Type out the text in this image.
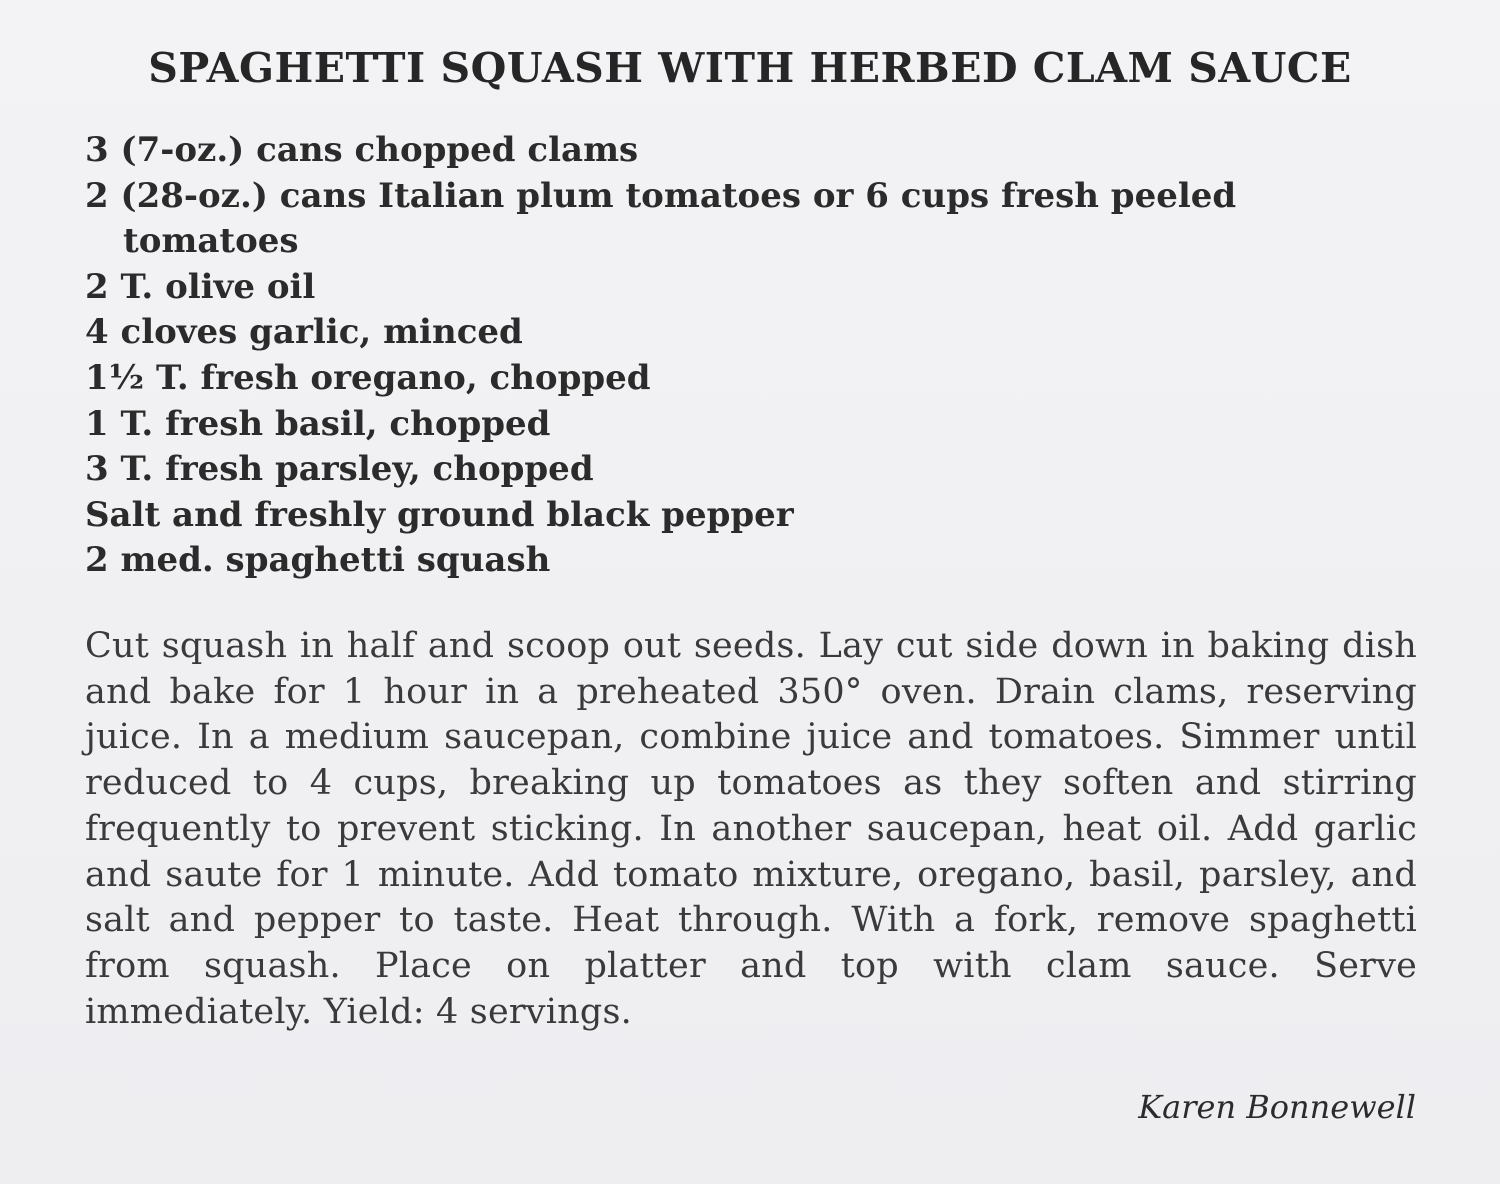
SPAGHETTI SQUASH WITH HERBED CLAM SAUCE
3 (7-oz.) cans chopped clams
2 (28-oz.) cans Italian plum tomatoes or 6 cups fresh peeled tomatoes
2 T. olive oil
4 cloves garlic, minced
1½ T. fresh oregano, chopped
1 T. fresh basil, chopped
3 T. fresh parsley, chopped
Salt and freshly ground black pepper
2 med. spaghetti squash

Cut squash in half and scoop out seeds. Lay cut side down in baking dish and bake for 1 hour in a preheated 350° oven. Drain clams, reserving juice. In a medium saucepan, combine juice and tomatoes. Simmer until reduced to 4 cups, breaking up tomatoes as they soften and stirring frequently to prevent sticking. In another saucepan, heat oil. Add garlic and saute for 1 minute. Add tomato mixture, oregano, basil, parsley, and salt and pepper to taste. Heat through. With a fork, remove spaghetti from squash. Place on platter and top with clam sauce. Serve immediately. Yield: 4 servings.

Karen Bonnewell
